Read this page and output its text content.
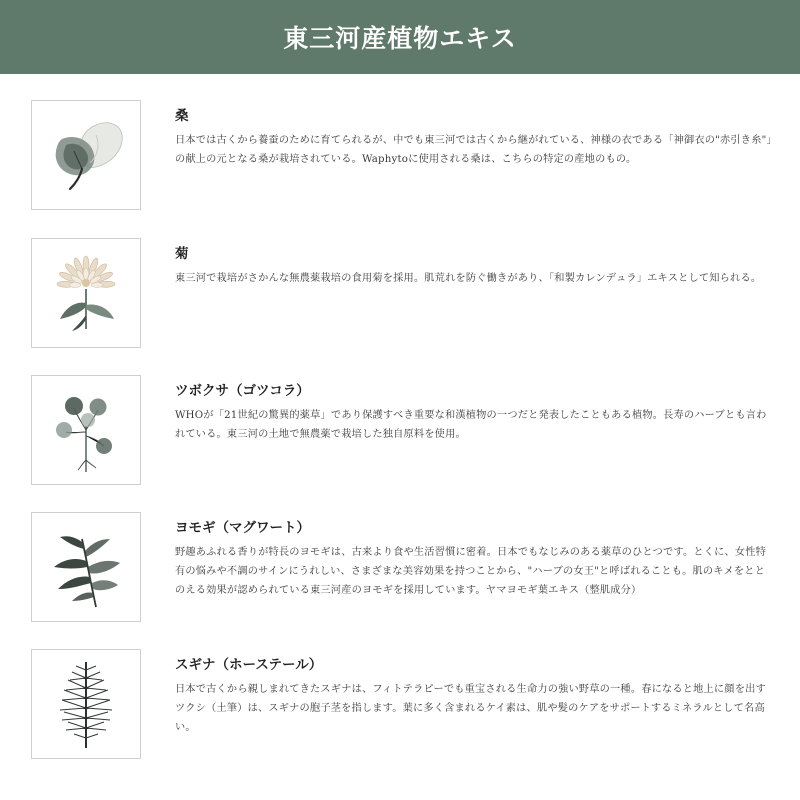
東三河産植物エキス

桑

日本では古くから養蚕のために育てられるが、中でも東三河では古くから継がれている、神様の衣である「神御衣の"赤引き糸"」の献上の元となる桑が栽培されている。Waphytoに使用される桑は、こちらの特定の産地のもの。

菊

東三河で栽培がさかんな無農薬栽培の食用菊を採用。肌荒れを防ぐ働きがあり、「和製カレンデュラ」エキスとして知られる。

ツボクサ（ゴツコラ）

WHOが「21世紀の驚異的薬草」であり保護すべき重要な和漢植物の一つだと発表したこともある植物。長寿のハーブとも言われている。東三河の土地で無農薬で栽培した独自原料を使用。

ヨモギ（マグワート）

野趣あふれる香りが特長のヨモギは、古来より食や生活習慣に密着。日本でもなじみのある薬草のひとつです。とくに、女性特有の悩みや不調のサインにうれしい、さまざまな美容効果を持つことから、"ハーブの女王"と呼ばれることも。肌のキメをととのえる効果が認められている東三河産のヨモギを採用しています。ヤマヨモギ葉エキス（整肌成分）

スギナ（ホーステール）

日本で古くから親しまれてきたスギナは、フィトテラピーでも重宝される生命力の強い野草の一種。春になると地上に顔を出すツクシ（土筆）は、スギナの胞子茎を指します。葉に多く含まれるケイ素は、肌や髪のケアをサポートするミネラルとして名高い。
